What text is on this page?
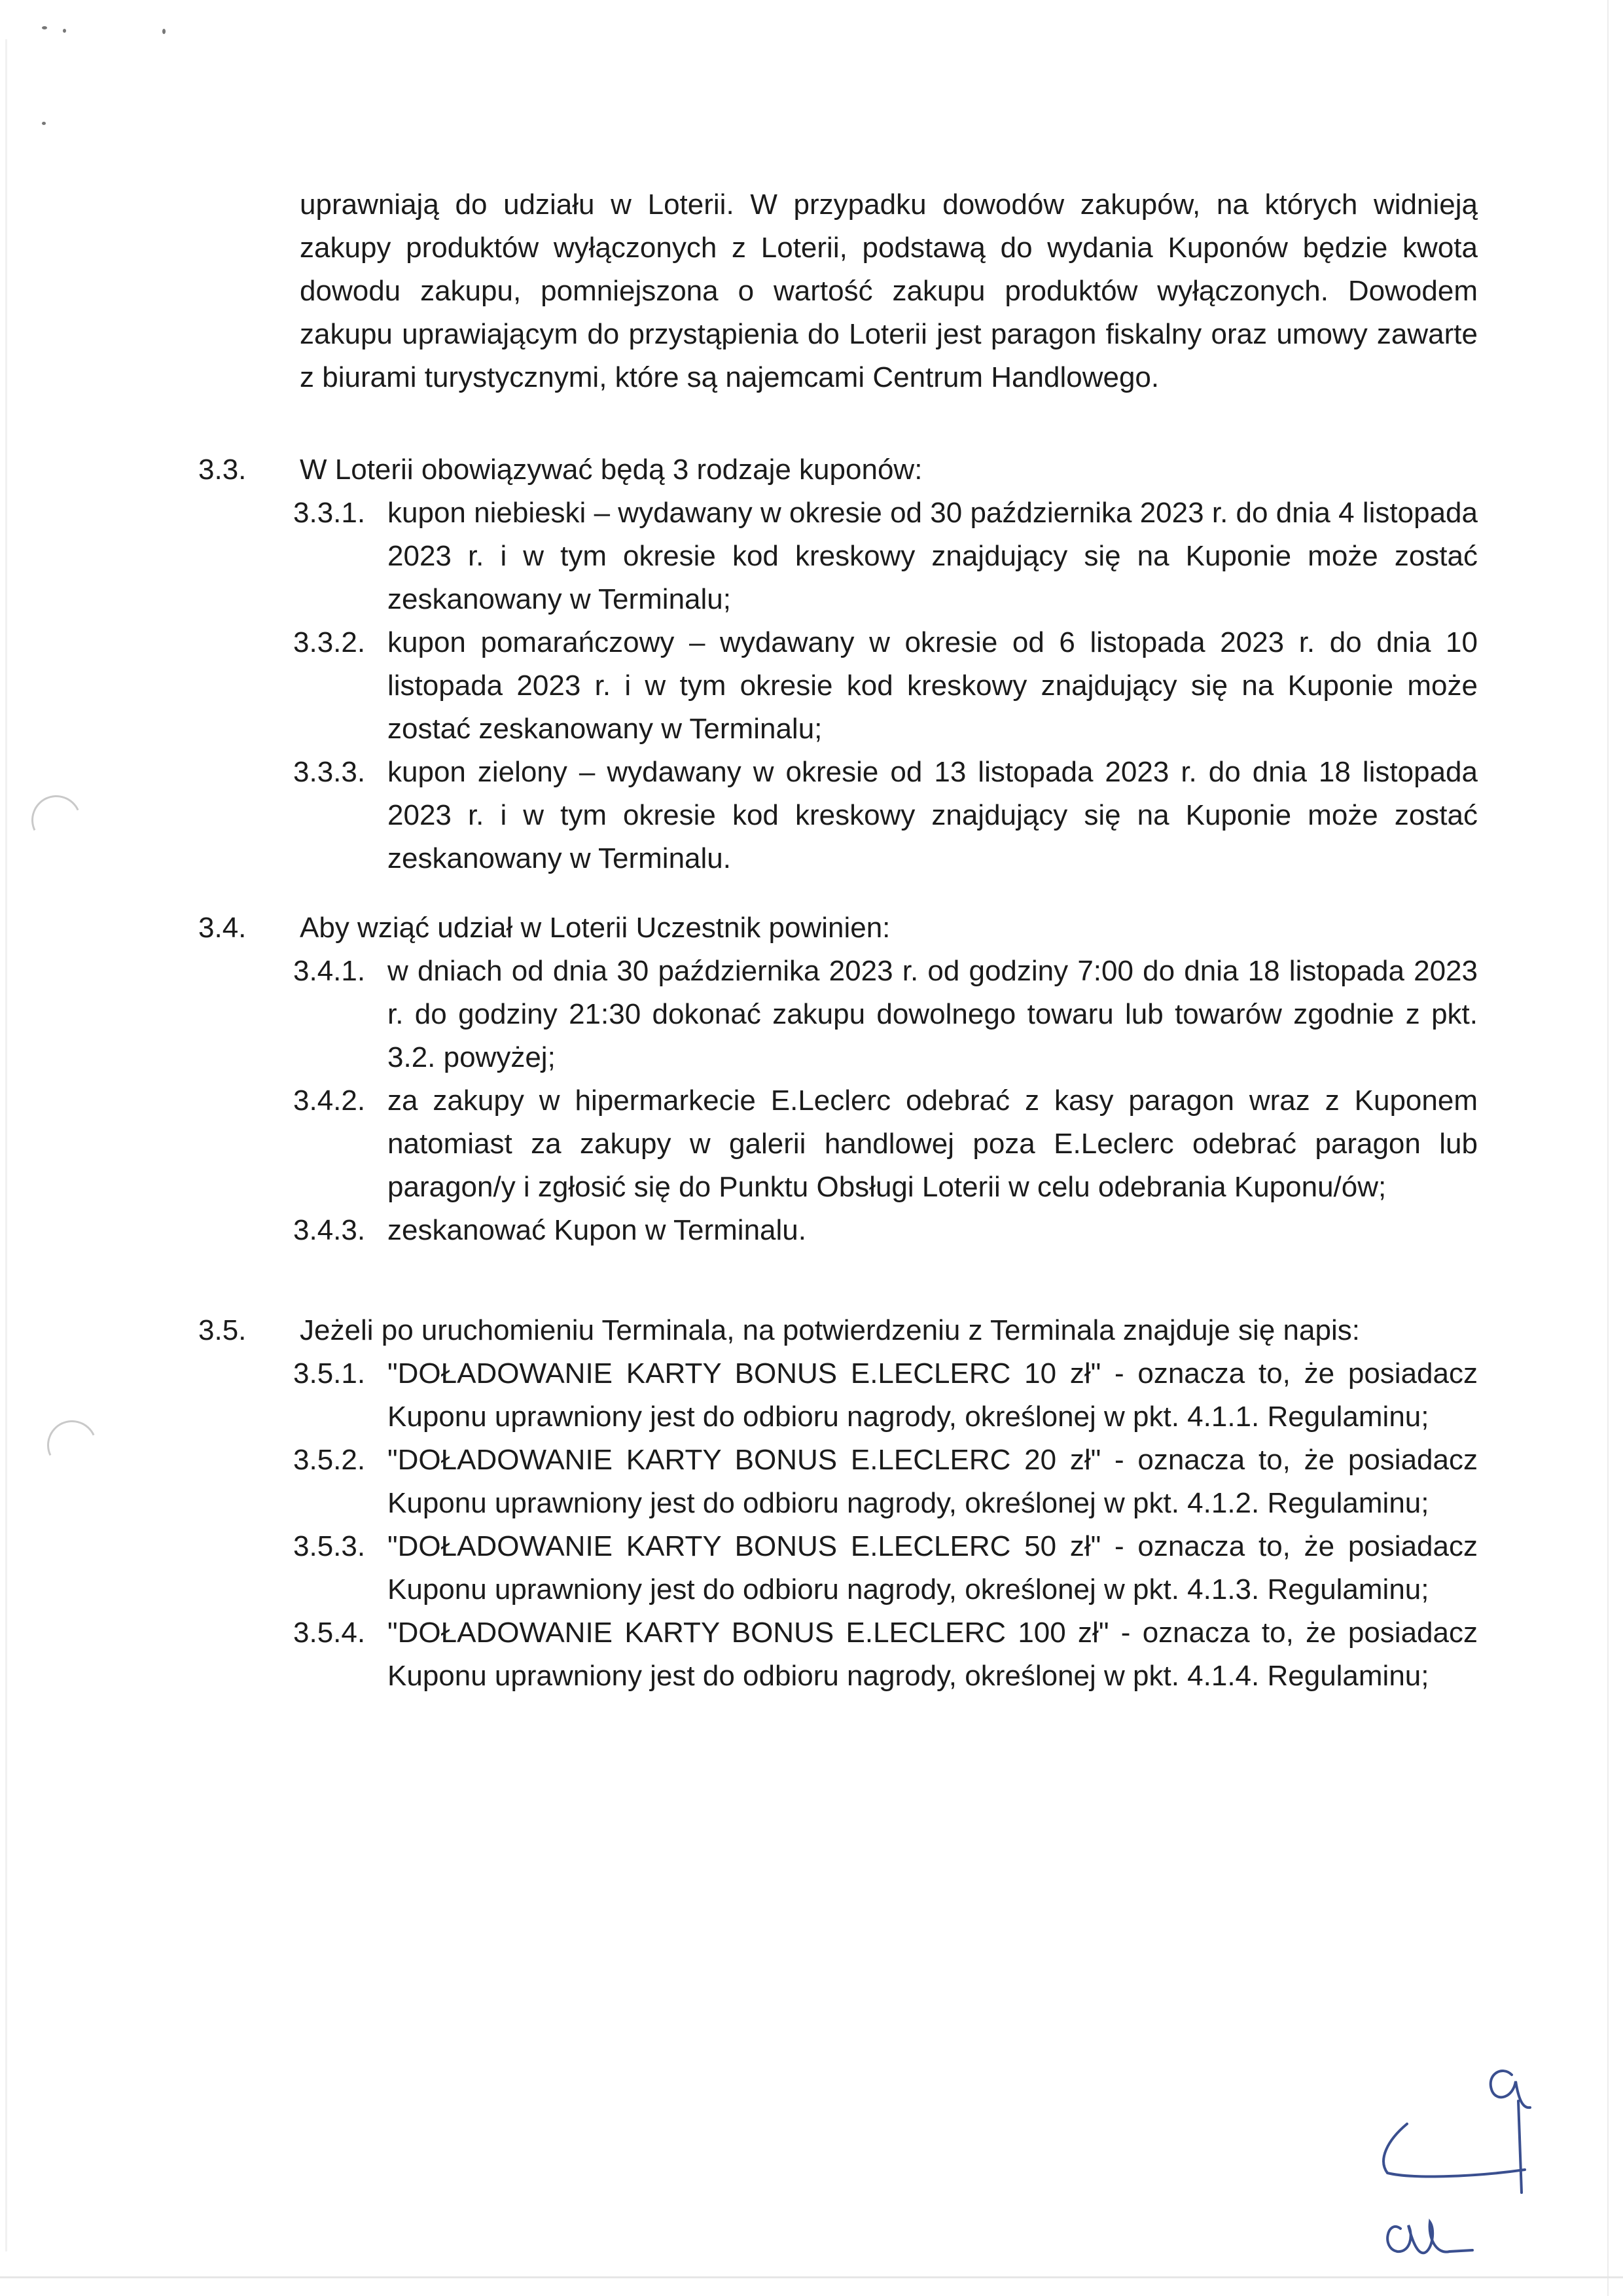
uprawniają do udziału w Loterii. W przypadku dowodów zakupów, na których widnieją zakupy produktów wyłączonych z Loterii, podstawą do wydania Kuponów będzie kwota dowodu zakupu, pomniejszona o wartość zakupu produktów wyłączonych. Dowodem zakupu uprawiającym do przystąpienia do Loterii jest paragon fiskalny oraz umowy zawarte z biurami turystycznymi, które są najemcami Centrum Handlowego.

3.3. W Loterii obowiązywać będą 3 rodzaje kuponów:
3.3.1. kupon niebieski – wydawany w okresie od 30 października 2023 r. do dnia 4 listopada 2023 r. i w tym okresie kod kreskowy znajdujący się na Kuponie może zostać zeskanowany w Terminalu;
3.3.2. kupon pomarańczowy – wydawany w okresie od 6 listopada 2023 r. do dnia 10 listopada 2023 r. i w tym okresie kod kreskowy znajdujący się na Kuponie może zostać zeskanowany w Terminalu;
3.3.3. kupon zielony – wydawany w okresie od 13 listopada 2023 r. do dnia 18 listopada 2023 r. i w tym okresie kod kreskowy znajdujący się na Kuponie może zostać zeskanowany w Terminalu.
3.4. Aby wziąć udział w Loterii Uczestnik powinien:
3.4.1. w dniach od dnia 30 października 2023 r. od godziny 7:00 do dnia 18 listopada 2023 r. do godziny 21:30 dokonać zakupu dowolnego towaru lub towarów zgodnie z pkt. 3.2. powyżej;
3.4.2. za zakupy w hipermarkecie E.Leclerc odebrać z kasy paragon wraz z Kuponem natomiast za zakupy w galerii handlowej poza E.Leclerc odebrać paragon lub paragon/y i zgłosić się do Punktu Obsługi Loterii w celu odebrania Kuponu/ów;
3.4.3. zeskanować Kupon w Terminalu.
3.5. Jeżeli po uruchomieniu Terminala, na potwierdzeniu z Terminala znajduje się napis:
3.5.1. "DOŁADOWANIE KARTY BONUS E.LECLERC 10 zł" - oznacza to, że posiadacz Kuponu uprawniony jest do odbioru nagrody, określonej w pkt. 4.1.1. Regulaminu;
3.5.2. "DOŁADOWANIE KARTY BONUS E.LECLERC 20 zł" - oznacza to, że posiadacz Kuponu uprawniony jest do odbioru nagrody, określonej w pkt. 4.1.2. Regulaminu;
3.5.3. "DOŁADOWANIE KARTY BONUS E.LECLERC 50 zł" - oznacza to, że posiadacz Kuponu uprawniony jest do odbioru nagrody, określonej w pkt. 4.1.3. Regulaminu;
3.5.4. "DOŁADOWANIE KARTY BONUS E.LECLERC 100 zł" - oznacza to, że posiadacz Kuponu uprawniony jest do odbioru nagrody, określonej w pkt. 4.1.4. Regulaminu;
